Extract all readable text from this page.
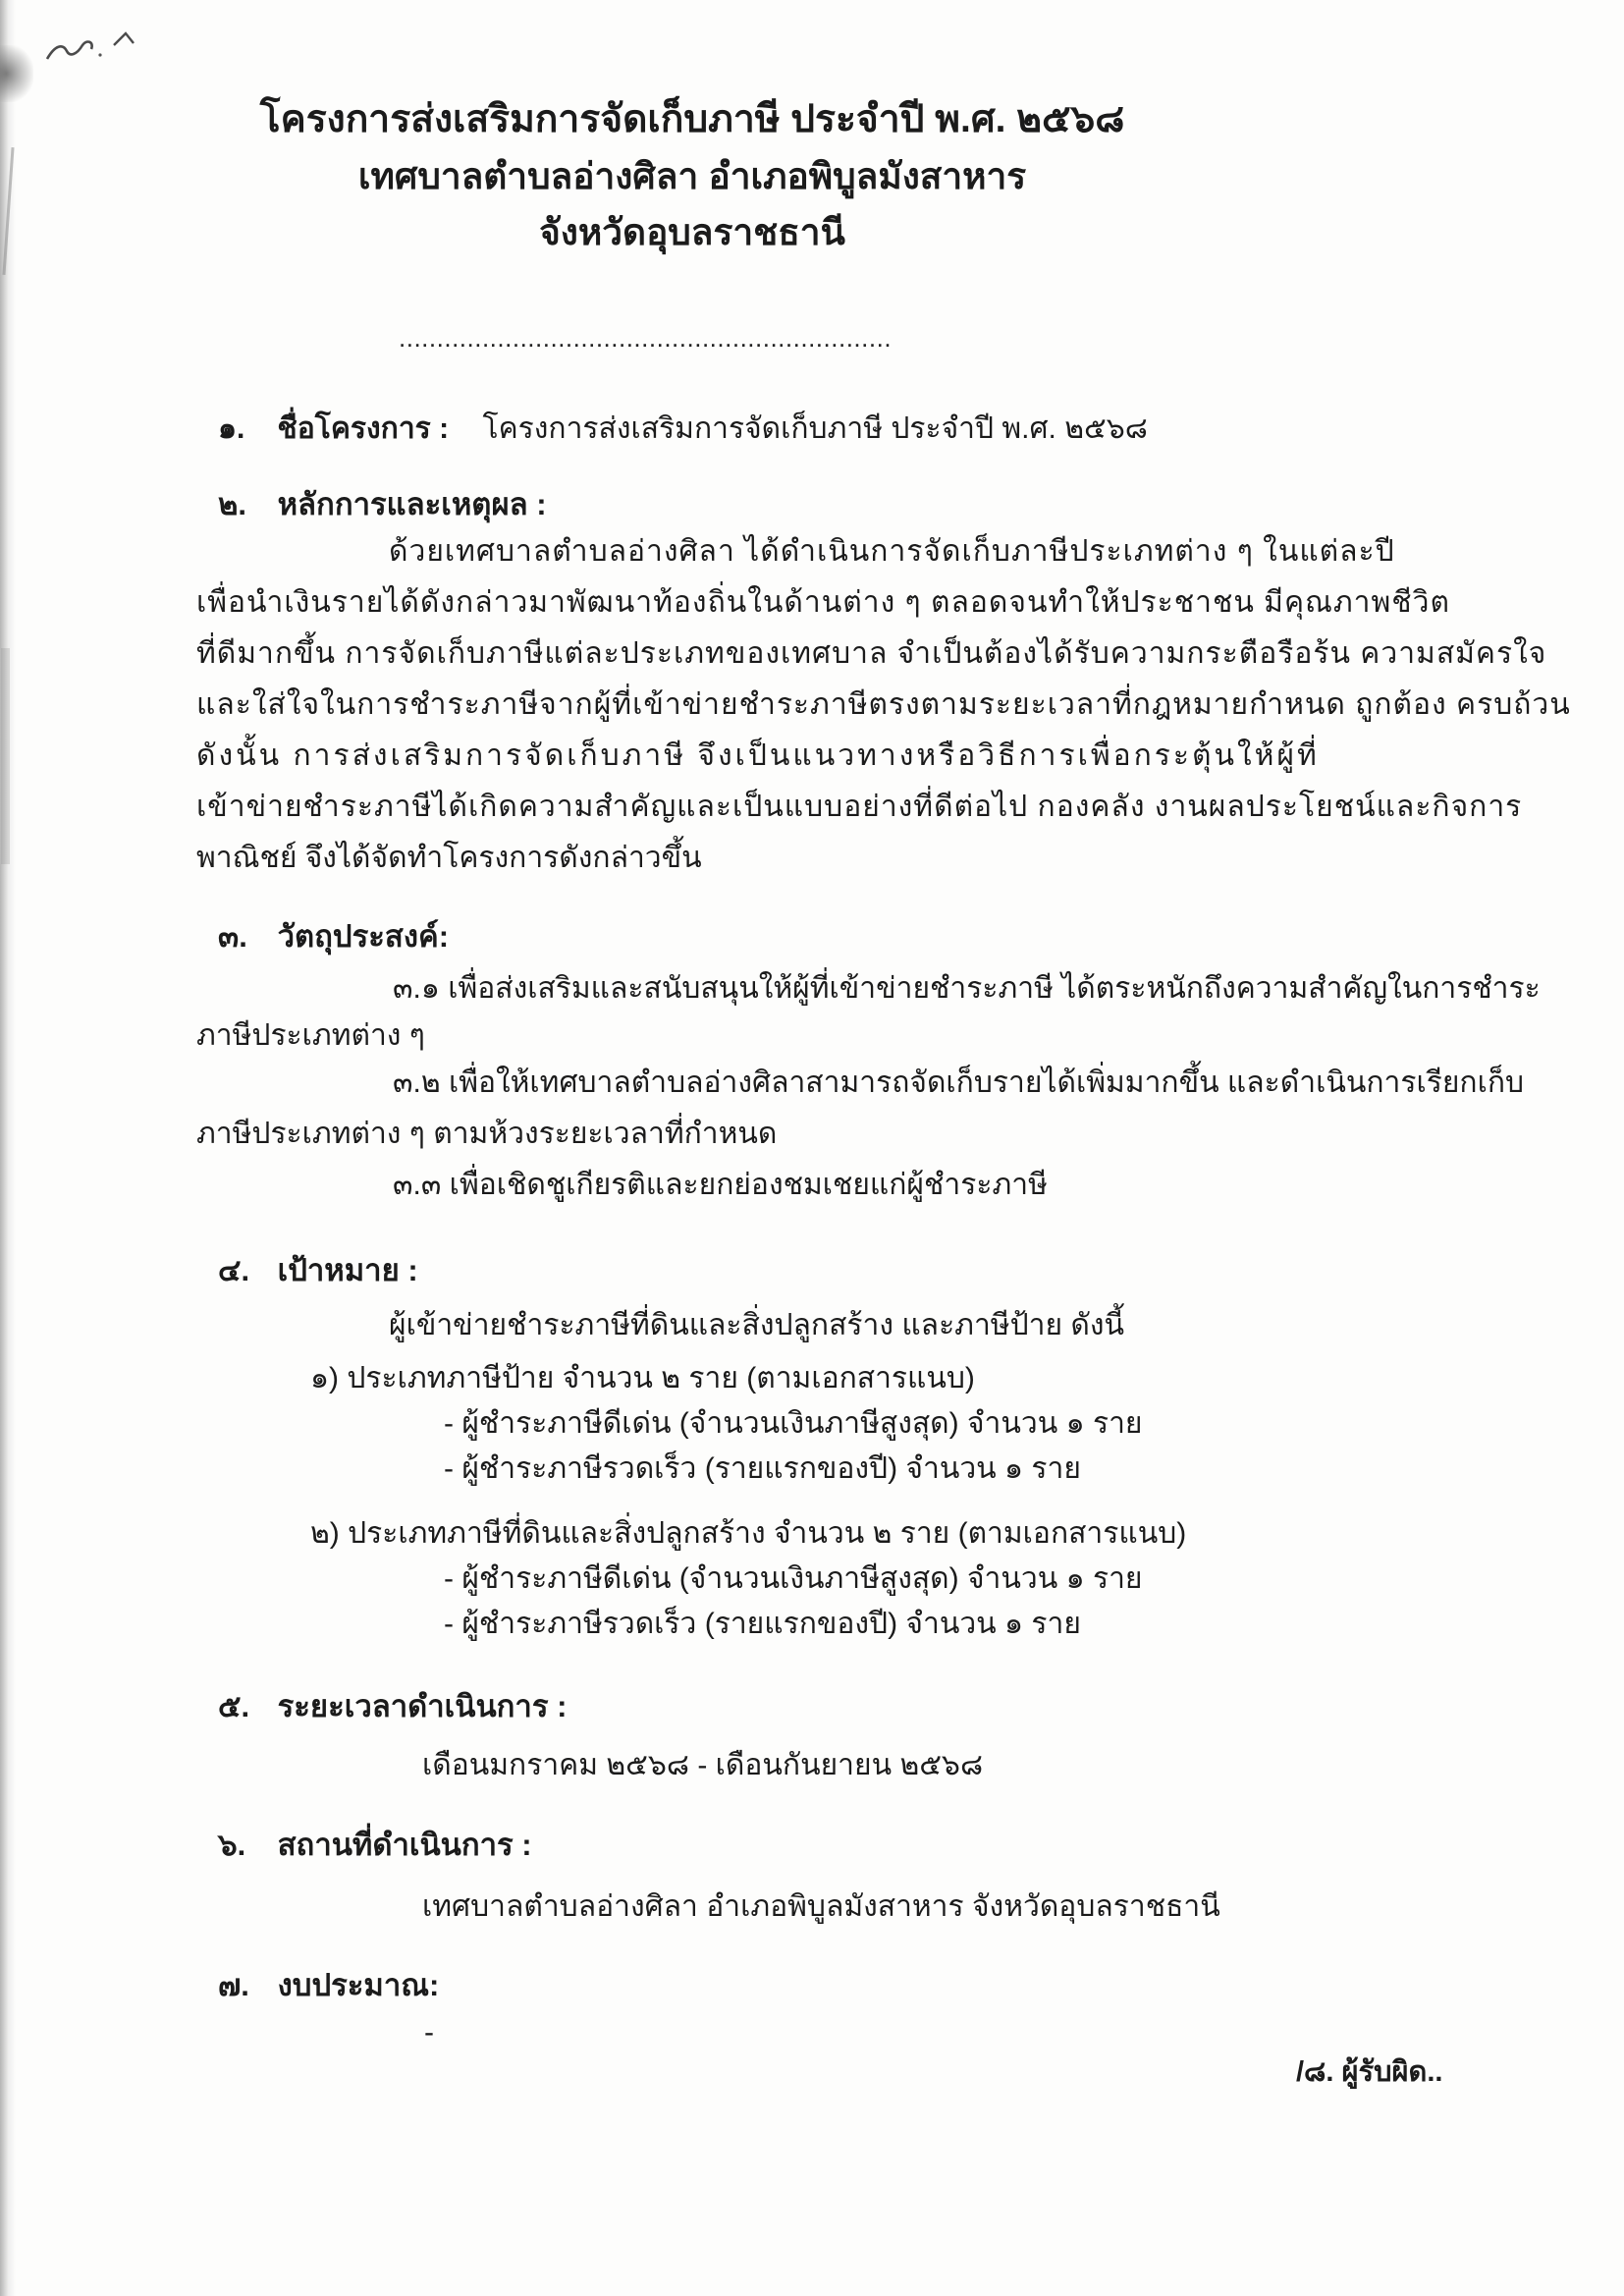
โครงการส่งเสริมการจัดเก็บภาษี ประจำปี พ.ศ. ๒๕๖๘
เทศบาลตำบลอ่างศิลา อำเภอพิบูลมังสาหาร
จังหวัดอุบลราชธานี
.................................................................
๑. ชื่อโครงการ : โครงการส่งเสริมการจัดเก็บภาษี ประจำปี พ.ศ. ๒๕๖๘
๒. หลักการและเหตุผล :
ด้วยเทศบาลตำบลอ่างศิลา ได้ดำเนินการจัดเก็บภาษีประเภทต่าง ๆ ในแต่ละปี
เพื่อนำเงินรายได้ดังกล่าวมาพัฒนาท้องถิ่นในด้านต่าง ๆ ตลอดจนทำให้ประชาชน มีคุณภาพชีวิต
ที่ดีมากขึ้น การจัดเก็บภาษีแต่ละประเภทของเทศบาล จำเป็นต้องได้รับความกระตือรือร้น ความสมัครใจ
และใส่ใจในการชำระภาษีจากผู้ที่เข้าข่ายชำระภาษีตรงตามระยะเวลาที่กฎหมายกำหนด ถูกต้อง ครบถ้วน
ดังนั้น การส่งเสริมการจัดเก็บภาษี จึงเป็นแนวทางหรือวิธีการเพื่อกระตุ้นให้ผู้ที่
เข้าข่ายชำระภาษีได้เกิดความสำคัญและเป็นแบบอย่างที่ดีต่อไป กองคลัง งานผลประโยชน์และกิจการ
พาณิชย์ จึงได้จัดทำโครงการดังกล่าวขึ้น
๓. วัตถุประสงค์:
๓.๑ เพื่อส่งเสริมและสนับสนุนให้ผู้ที่เข้าข่ายชำระภาษี ได้ตระหนักถึงความสำคัญในการชำระ
ภาษีประเภทต่าง ๆ
๓.๒ เพื่อให้เทศบาลตำบลอ่างศิลาสามารถจัดเก็บรายได้เพิ่มมากขึ้น และดำเนินการเรียกเก็บ
ภาษีประเภทต่าง ๆ ตามห้วงระยะเวลาที่กำหนด
๓.๓ เพื่อเชิดชูเกียรติและยกย่องชมเชยแก่ผู้ชำระภาษี
๔. เป้าหมาย :
ผู้เข้าข่ายชำระภาษีที่ดินและสิ่งปลูกสร้าง และภาษีป้าย ดังนี้
๑) ประเภทภาษีป้าย จำนวน ๒ ราย (ตามเอกสารแนบ)
- ผู้ชำระภาษีดีเด่น (จำนวนเงินภาษีสูงสุด) จำนวน ๑ ราย
- ผู้ชำระภาษีรวดเร็ว (รายแรกของปี) จำนวน ๑ ราย
๒) ประเภทภาษีที่ดินและสิ่งปลูกสร้าง จำนวน ๒ ราย (ตามเอกสารแนบ)
- ผู้ชำระภาษีดีเด่น (จำนวนเงินภาษีสูงสุด) จำนวน ๑ ราย
- ผู้ชำระภาษีรวดเร็ว (รายแรกของปี) จำนวน ๑ ราย
๕. ระยะเวลาดำเนินการ :
เดือนมกราคม ๒๕๖๘ - เดือนกันยายน ๒๕๖๘
๖. สถานที่ดำเนินการ :
เทศบาลตำบลอ่างศิลา อำเภอพิบูลมังสาหาร จังหวัดอุบลราชธานี
๗. งบประมาณ:
-
/๘. ผู้รับผิด..
